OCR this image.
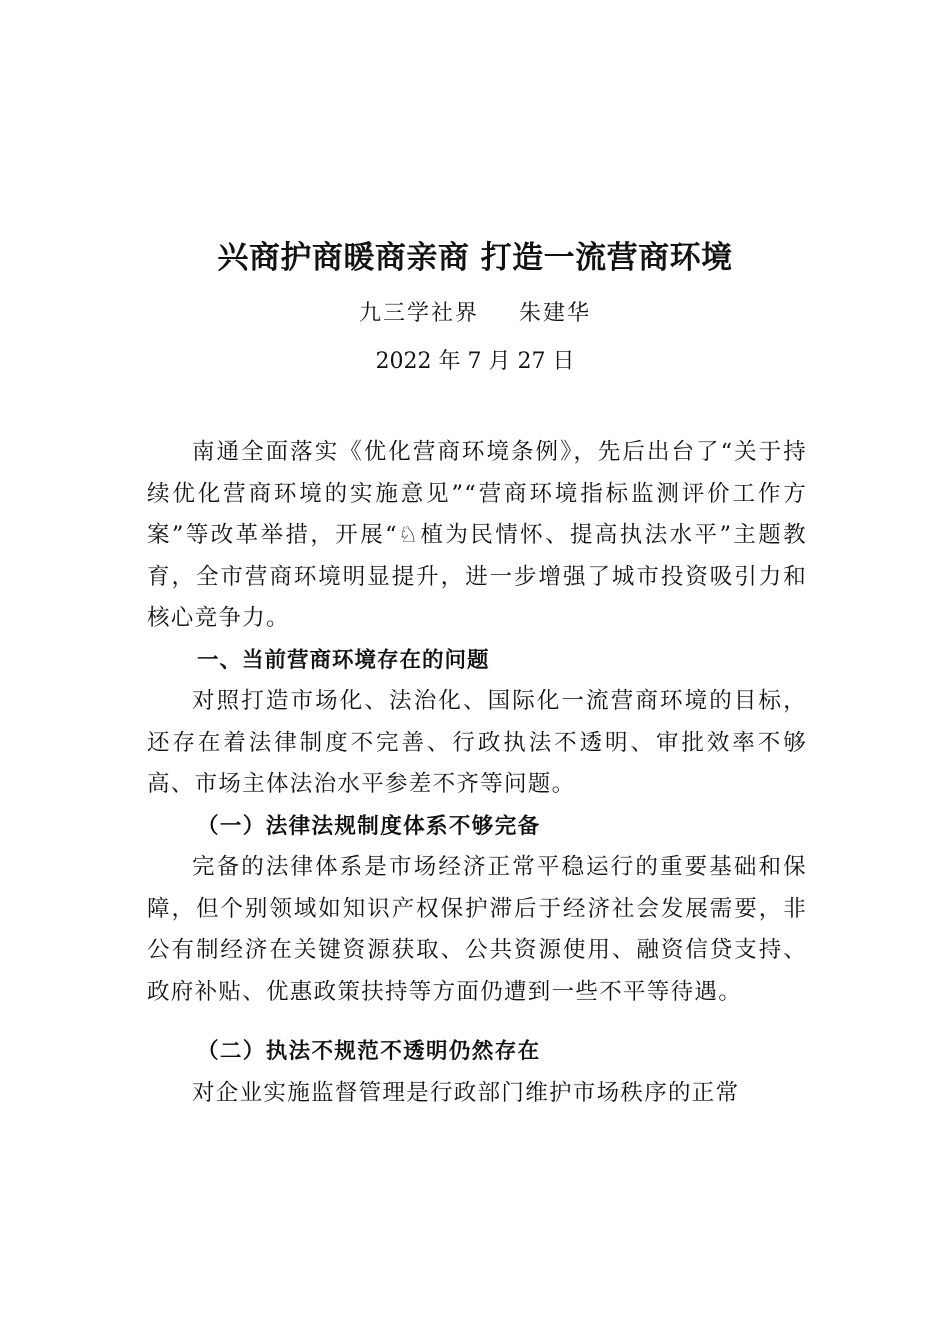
兴商护商暖商亲商 打造一流营商环境
九三学社界 朱建华
2022 年 7 月 27 日

南通全面落实《优化营商环境条例》，先后出台了“关于持续优化营商环境的实施意见”“营商环境指标监测评价工作方案”等改革举措，开展“♘植为民情怀、提高执法水平”主题教育，全市营商环境明显提升，进一步增强了城市投资吸引力和核心竞争力。

一、当前营商环境存在的问题

对照打造市场化、法治化、国际化一流营商环境的目标，还存在着法律制度不完善、行政执法不透明、审批效率不够高、市场主体法治水平参差不齐等问题。

（一）法律法规制度体系不够完备

完备的法律体系是市场经济正常平稳运行的重要基础和保障，但个别领域如知识产权保护滞后于经济社会发展需要，非公有制经济在关键资源获取、公共资源使用、融资信贷支持、政府补贴、优惠政策扶持等方面仍遭到一些不平等待遇。

（二）执法不规范不透明仍然存在

对企业实施监督管理是行政部门维护市场秩序的正常
